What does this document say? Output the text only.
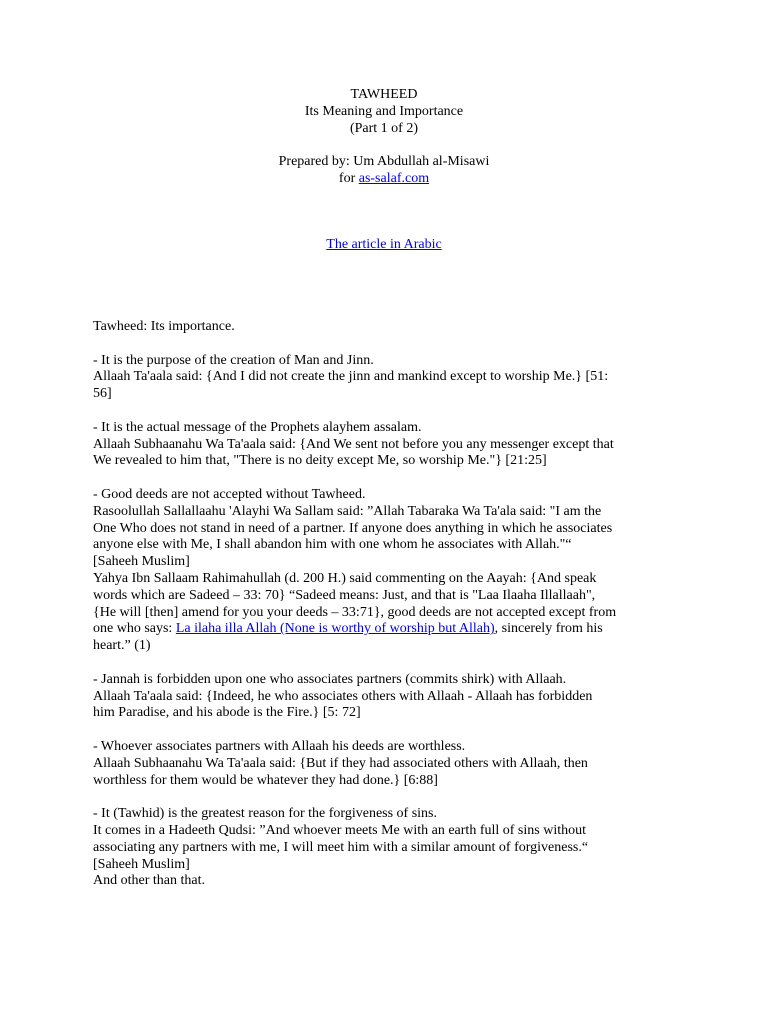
TAWHEED
Its Meaning and Importance
(Part 1 of 2)
Prepared by: Um Abdullah al-Misawi
for as-salaf.com
The article in Arabic
Tawheed: Its importance.
- It is the purpose of the creation of Man and Jinn.
Allaah Ta'aala said: {And I did not create the jinn and mankind except to worship Me.} [51:
56]
- It is the actual message of the Prophets alayhem assalam.
Allaah Subhaanahu Wa Ta'aala said: {And We sent not before you any messenger except that
We revealed to him that, "There is no deity except Me, so worship Me."} [21:25]
- Good deeds are not accepted without Tawheed.
Rasoolullah Sallallaahu 'Alayhi Wa Sallam said: ”Allah Tabaraka Wa Ta'ala said: "I am the
One Who does not stand in need of a partner. If anyone does anything in which he associates
anyone else with Me, I shall abandon him with one whom he associates with Allah."“
[Saheeh Muslim]
Yahya Ibn Sallaam Rahimahullah (d. 200 H.) said commenting on the Aayah: {And speak
words which are Sadeed – 33: 70} “Sadeed means: Just, and that is "Laa Ilaaha Illallaah",
{He will [then] amend for you your deeds – 33:71}, good deeds are not accepted except from
one who says: La ilaha illa Allah (None is worthy of worship but Allah), sincerely from his
heart.” (1)
- Jannah is forbidden upon one who associates partners (commits shirk) with Allaah.
Allaah Ta'aala said: {Indeed, he who associates others with Allaah - Allaah has forbidden
him Paradise, and his abode is the Fire.} [5: 72]
- Whoever associates partners with Allaah his deeds are worthless.
Allaah Subhaanahu Wa Ta'aala said: {But if they had associated others with Allaah, then
worthless for them would be whatever they had done.} [6:88]
- It (Tawhid) is the greatest reason for the forgiveness of sins.
It comes in a Hadeeth Qudsi: ”And whoever meets Me with an earth full of sins without
associating any partners with me, I will meet him with a similar amount of forgiveness.“
[Saheeh Muslim]
And other than that.
